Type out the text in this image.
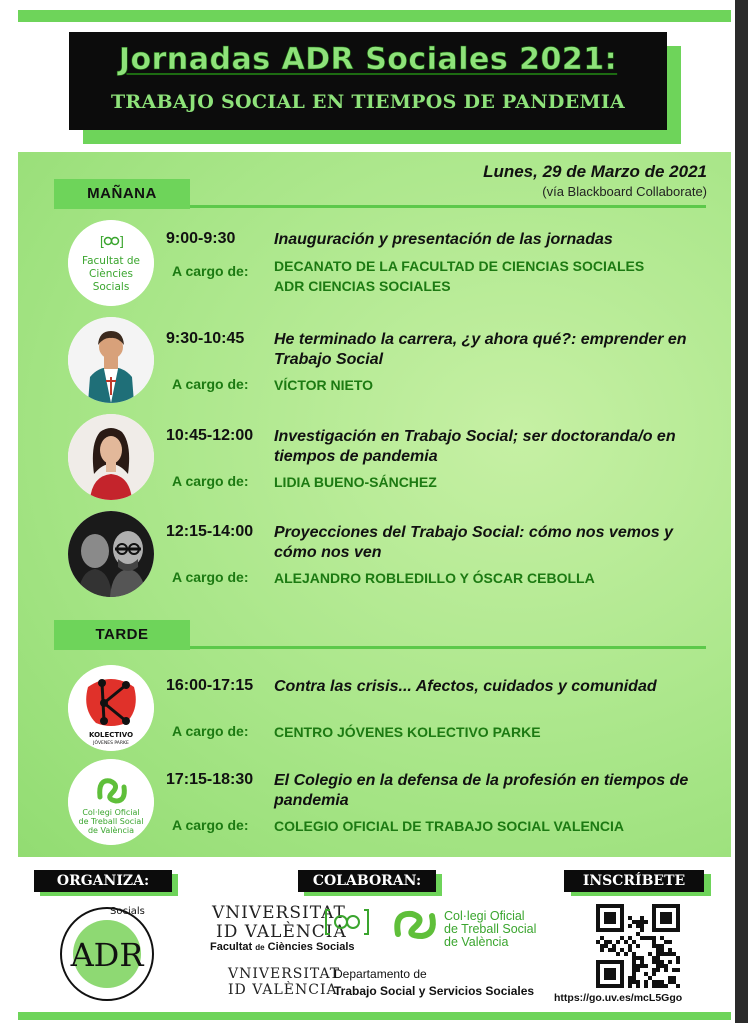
Jornadas ADR Sociales 2021:
TRABAJO SOCIAL EN TIEMPOS DE PANDEMIA
Lunes, 29 de Marzo de 2021
(vía Blackboard Collaborate)
MAÑANA
[ ]
Facultat de
Ciències
Socials
9:00-9:30 Inauguración y presentación de las jornadas
A cargo de: DECANATO DE LA FACULTAD DE CIENCIAS SOCIALES
ADR CIENCIAS SOCIALES
9:30-10:45 He terminado la carrera, ¿y ahora qué?: emprender en Trabajo Social
A cargo de: VÍCTOR NIETO
10:45-12:00 Investigación en Trabajo Social; ser doctoranda/o en tiempos de pandemia
A cargo de: LIDIA BUENO-SÁNCHEZ
12:15-14:00 Proyecciones del Trabajo Social: cómo nos vemos y cómo nos ven
A cargo de: ALEJANDRO ROBLEDILLO Y ÓSCAR CEBOLLA
TARDE
KOLECTIVO
JÓVENES PARKE
16:00-17:15 Contra las crisis... Afectos, cuidados y comunidad
A cargo de: CENTRO JÓVENES KOLECTIVO PARKE
Col·legi Oficial
de Treball Social
de València
17:15-18:30 El Colegio en la defensa de la profesión en tiempos de pandemia
A cargo de: COLEGIO OFICIAL DE TRABAJO SOCIAL VALENCIA
ORGANIZA:	COLABORAN:	INSCRÍBETE
Socials
ADR
VNIVERSITAT
ID VALÈNCIA
Facultat de Ciències Socials
Col·legi Oficial
de Treball Social
de València
VNIVERSITAT
ID VALÈNCIA
Departamento de
Trabajo Social y Servicios Sociales https://go.uv.es/mcL5Ggo
